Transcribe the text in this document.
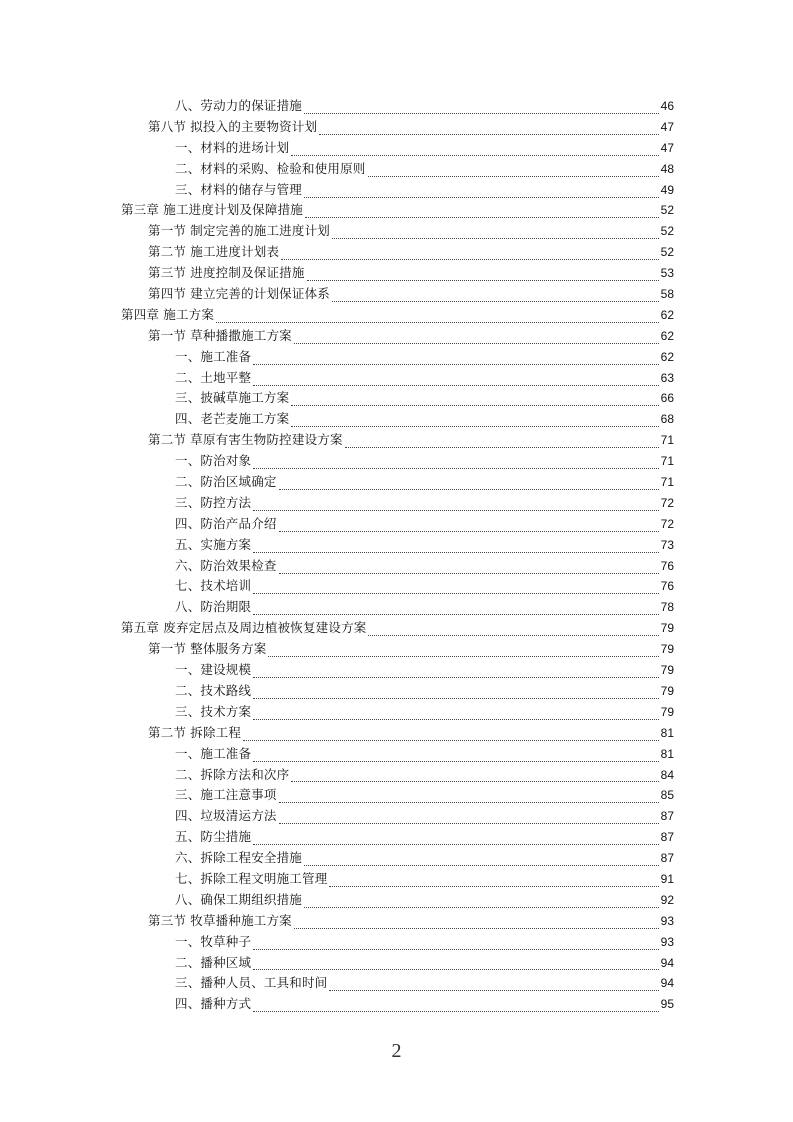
八、劳动力的保证措施	46
第八节 拟投入的主要物资计划	47
一、材料的进场计划	47
二、材料的采购、检验和使用原则	48
三、材料的储存与管理	49
第三章 施工进度计划及保障措施	52
第一节 制定完善的施工进度计划	52
第二节 施工进度计划表	52
第三节 进度控制及保证措施	53
第四节 建立完善的计划保证体系	58
第四章 施工方案	62
第一节 草种播撒施工方案	62
一、施工准备	62
二、土地平整	63
三、披碱草施工方案	66
四、老芒麦施工方案	68
第二节 草原有害生物防控建设方案	71
一、防治对象	71
二、防治区域确定	71
三、防控方法	72
四、防治产品介绍	72
五、实施方案	73
六、防治效果检查	76
七、技术培训	76
八、防治期限	78
第五章 废弃定居点及周边植被恢复建设方案	79
第一节 整体服务方案	79
一、建设规模	79
二、技术路线	79
三、技术方案	79
第二节 拆除工程	81
一、施工准备	81
二、拆除方法和次序	84
三、施工注意事项	85
四、垃圾清运方法	87
五、防尘措施	87
六、拆除工程安全措施	87
七、拆除工程文明施工管理	91
八、确保工期组织措施	92
第三节 牧草播种施工方案	93
一、牧草种子	93
二、播种区域	94
三、播种人员、工具和时间	94
四、播种方式	95
2
